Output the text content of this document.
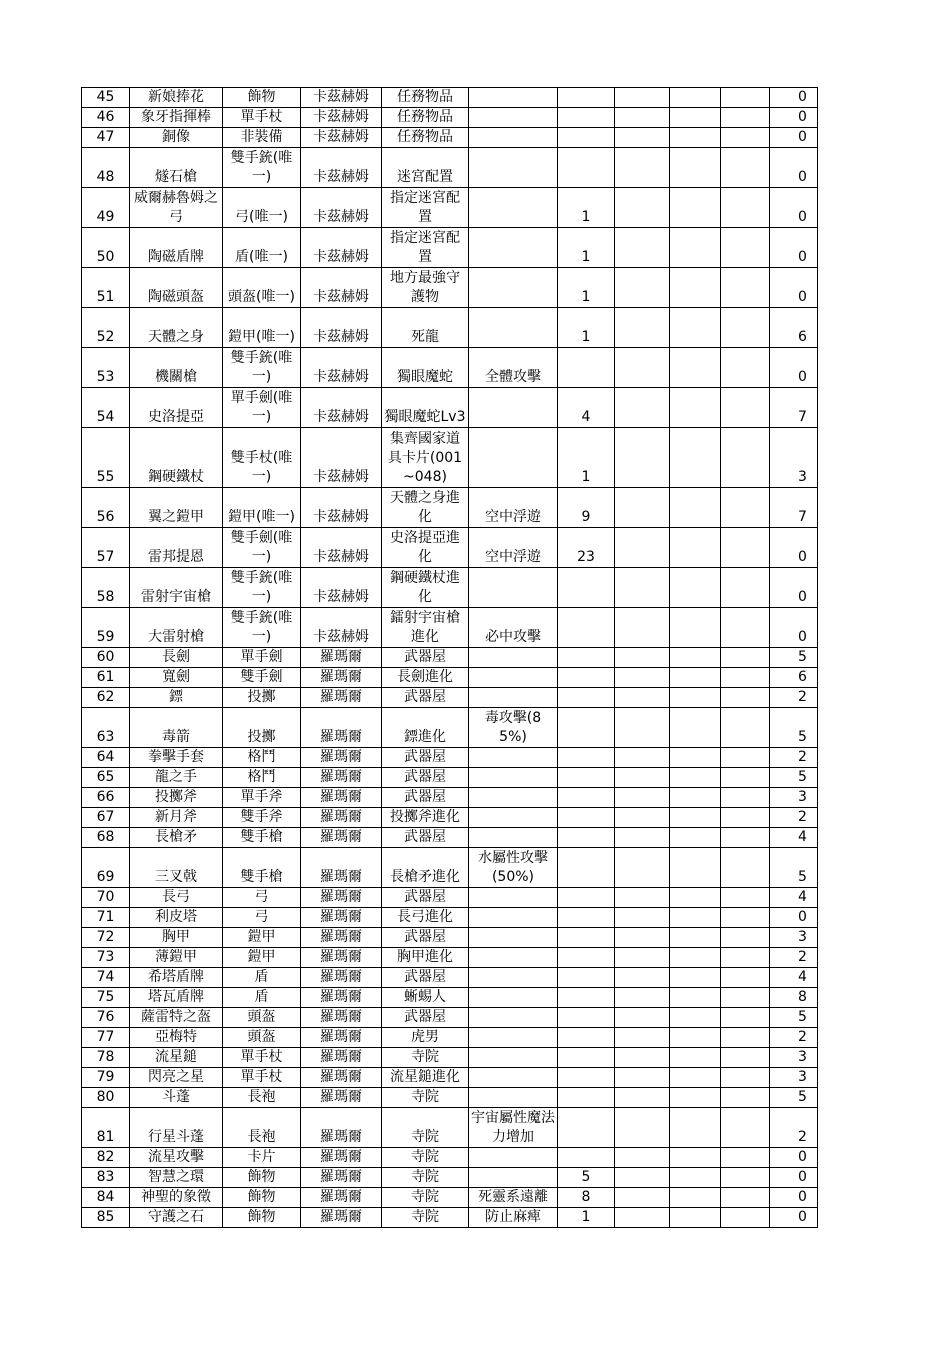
45	新娘捧花	飾物	卡茲赫姆	任務物品						0
46	象牙指揮棒	單手杖	卡茲赫姆	任務物品						0
47	銅像	非裝備	卡茲赫姆	任務物品						0
48	燧石槍	雙手銃(唯一)	卡茲赫姆	迷宮配置						0
49	威爾赫魯姆之弓	弓(唯一)	卡茲赫姆	指定迷宮配置		1				0
50	陶磁盾牌	盾(唯一)	卡茲赫姆	指定迷宮配置		1				0
51	陶磁頭盔	頭盔(唯一)	卡茲赫姆	地方最強守護物		1				0
52	天體之身	鎧甲(唯一)	卡茲赫姆	死龍		1				6
53	機關槍	雙手銃(唯一)	卡茲赫姆	獨眼魔蛇	全體攻擊					0
54	史洛提亞	單手劍(唯一)	卡茲赫姆	獨眼魔蛇Lv3		4				7
55	鋼硬鐵杖	雙手杖(唯一)	卡茲赫姆	集齊國家道具卡片(001~048)		1				3
56	翼之鎧甲	鎧甲(唯一)	卡茲赫姆	天體之身進化	空中浮遊	9				7
57	雷邦提恩	雙手劍(唯一)	卡茲赫姆	史洛提亞進化	空中浮遊	23				0
58	雷射宇宙槍	雙手銃(唯一)	卡茲赫姆	鋼硬鐵杖進化						0
59	大雷射槍	雙手銃(唯一)	卡茲赫姆	鐳射宇宙槍進化	必中攻擊					0
60	長劍	單手劍	羅瑪爾	武器屋						5
61	寬劍	雙手劍	羅瑪爾	長劍進化						6
62	鏢	投擲	羅瑪爾	武器屋						2
63	毒箭	投擲	羅瑪爾	鏢進化	毒攻擊(85%)					5
64	拳擊手套	格鬥	羅瑪爾	武器屋						2
65	龍之手	格鬥	羅瑪爾	武器屋						5
66	投擲斧	單手斧	羅瑪爾	武器屋						3
67	新月斧	雙手斧	羅瑪爾	投擲斧進化						2
68	長槍矛	雙手槍	羅瑪爾	武器屋						4
69	三叉戟	雙手槍	羅瑪爾	長槍矛進化	水屬性攻擊(50%)					5
70	長弓	弓	羅瑪爾	武器屋						4
71	利皮塔	弓	羅瑪爾	長弓進化						0
72	胸甲	鎧甲	羅瑪爾	武器屋						3
73	薄鎧甲	鎧甲	羅瑪爾	胸甲進化						2
74	希塔盾牌	盾	羅瑪爾	武器屋						4
75	塔瓦盾牌	盾	羅瑪爾	蜥蜴人						8
76	薩雷特之盔	頭盔	羅瑪爾	武器屋						5
77	亞梅特	頭盔	羅瑪爾	虎男						2
78	流星鎚	單手杖	羅瑪爾	寺院						3
79	閃亮之星	單手杖	羅瑪爾	流星鎚進化						3
80	斗蓬	長袍	羅瑪爾	寺院						5
81	行星斗蓬	長袍	羅瑪爾	寺院	宇宙屬性魔法力增加					2
82	流星攻擊	卡片	羅瑪爾	寺院						0
83	智慧之環	飾物	羅瑪爾	寺院		5				0
84	神聖的象徵	飾物	羅瑪爾	寺院	死靈系遠離	8				0
85	守護之石	飾物	羅瑪爾	寺院	防止麻痺	1				0
